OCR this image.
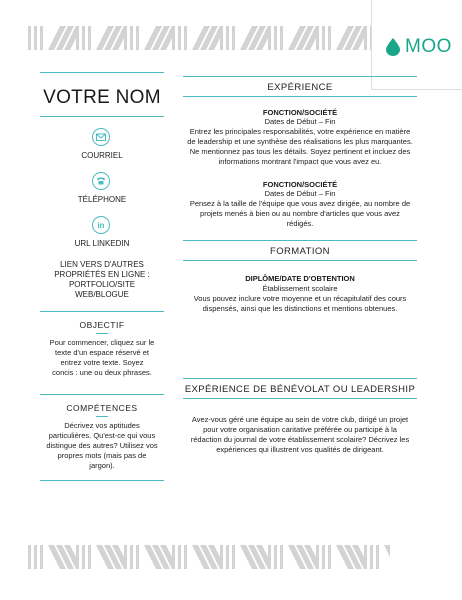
MOO
VOTRE NOM
COURRIEL
TÉLÉPHONE
in
URL LINKEDIN
LIEN VERS D'AUTRES
PROPRIÉTÉS EN LIGNE :
PORTFOLIO/SITE
WEB/BLOGUE
OBJECTIF
Pour commencer, cliquez sur le
texte d'un espace réservé et
entrez votre texte. Soyez
concis : une ou deux phrases.
COMPÉTENCES
Décrivez vos aptitudes
particulières. Qu'est-ce qui vous
distingue des autres? Utilisez vos
propres mots (mais pas de
jargon).
EXPÉRIENCE
FONCTION/SOCIÉTÉ
Dates de Début – Fin
Entrez les principales responsabilités, votre expérience en matière
de leadership et une synthèse des réalisations les plus marquantes.
Ne mentionnez pas tous les détails. Soyez pertinent et incluez des
informations montrant l'impact que vous avez eu.
FONCTION/SOCIÉTÉ
Dates de Début – Fin
Pensez à la taille de l'équipe que vous avez dirigée, au nombre de
projets menés à bien ou au nombre d'articles que vous avez
rédigés.
FORMATION
DIPLÔME/DATE D'OBTENTION
Établissement scolaire
Vous pouvez inclure votre moyenne et un récapitulatif des cours
dispensés, ainsi que les distinctions et mentions obtenues.
EXPÉRIENCE DE BÉNÉVOLAT OU LEADERSHIP
Avez-vous géré une équipe au sein de votre club, dirigé un projet
pour votre organisation caritative préférée ou participé à la
rédaction du journal de votre établissement scolaire? Décrivez les
expériences qui illustrent vos qualités de dirigeant.
